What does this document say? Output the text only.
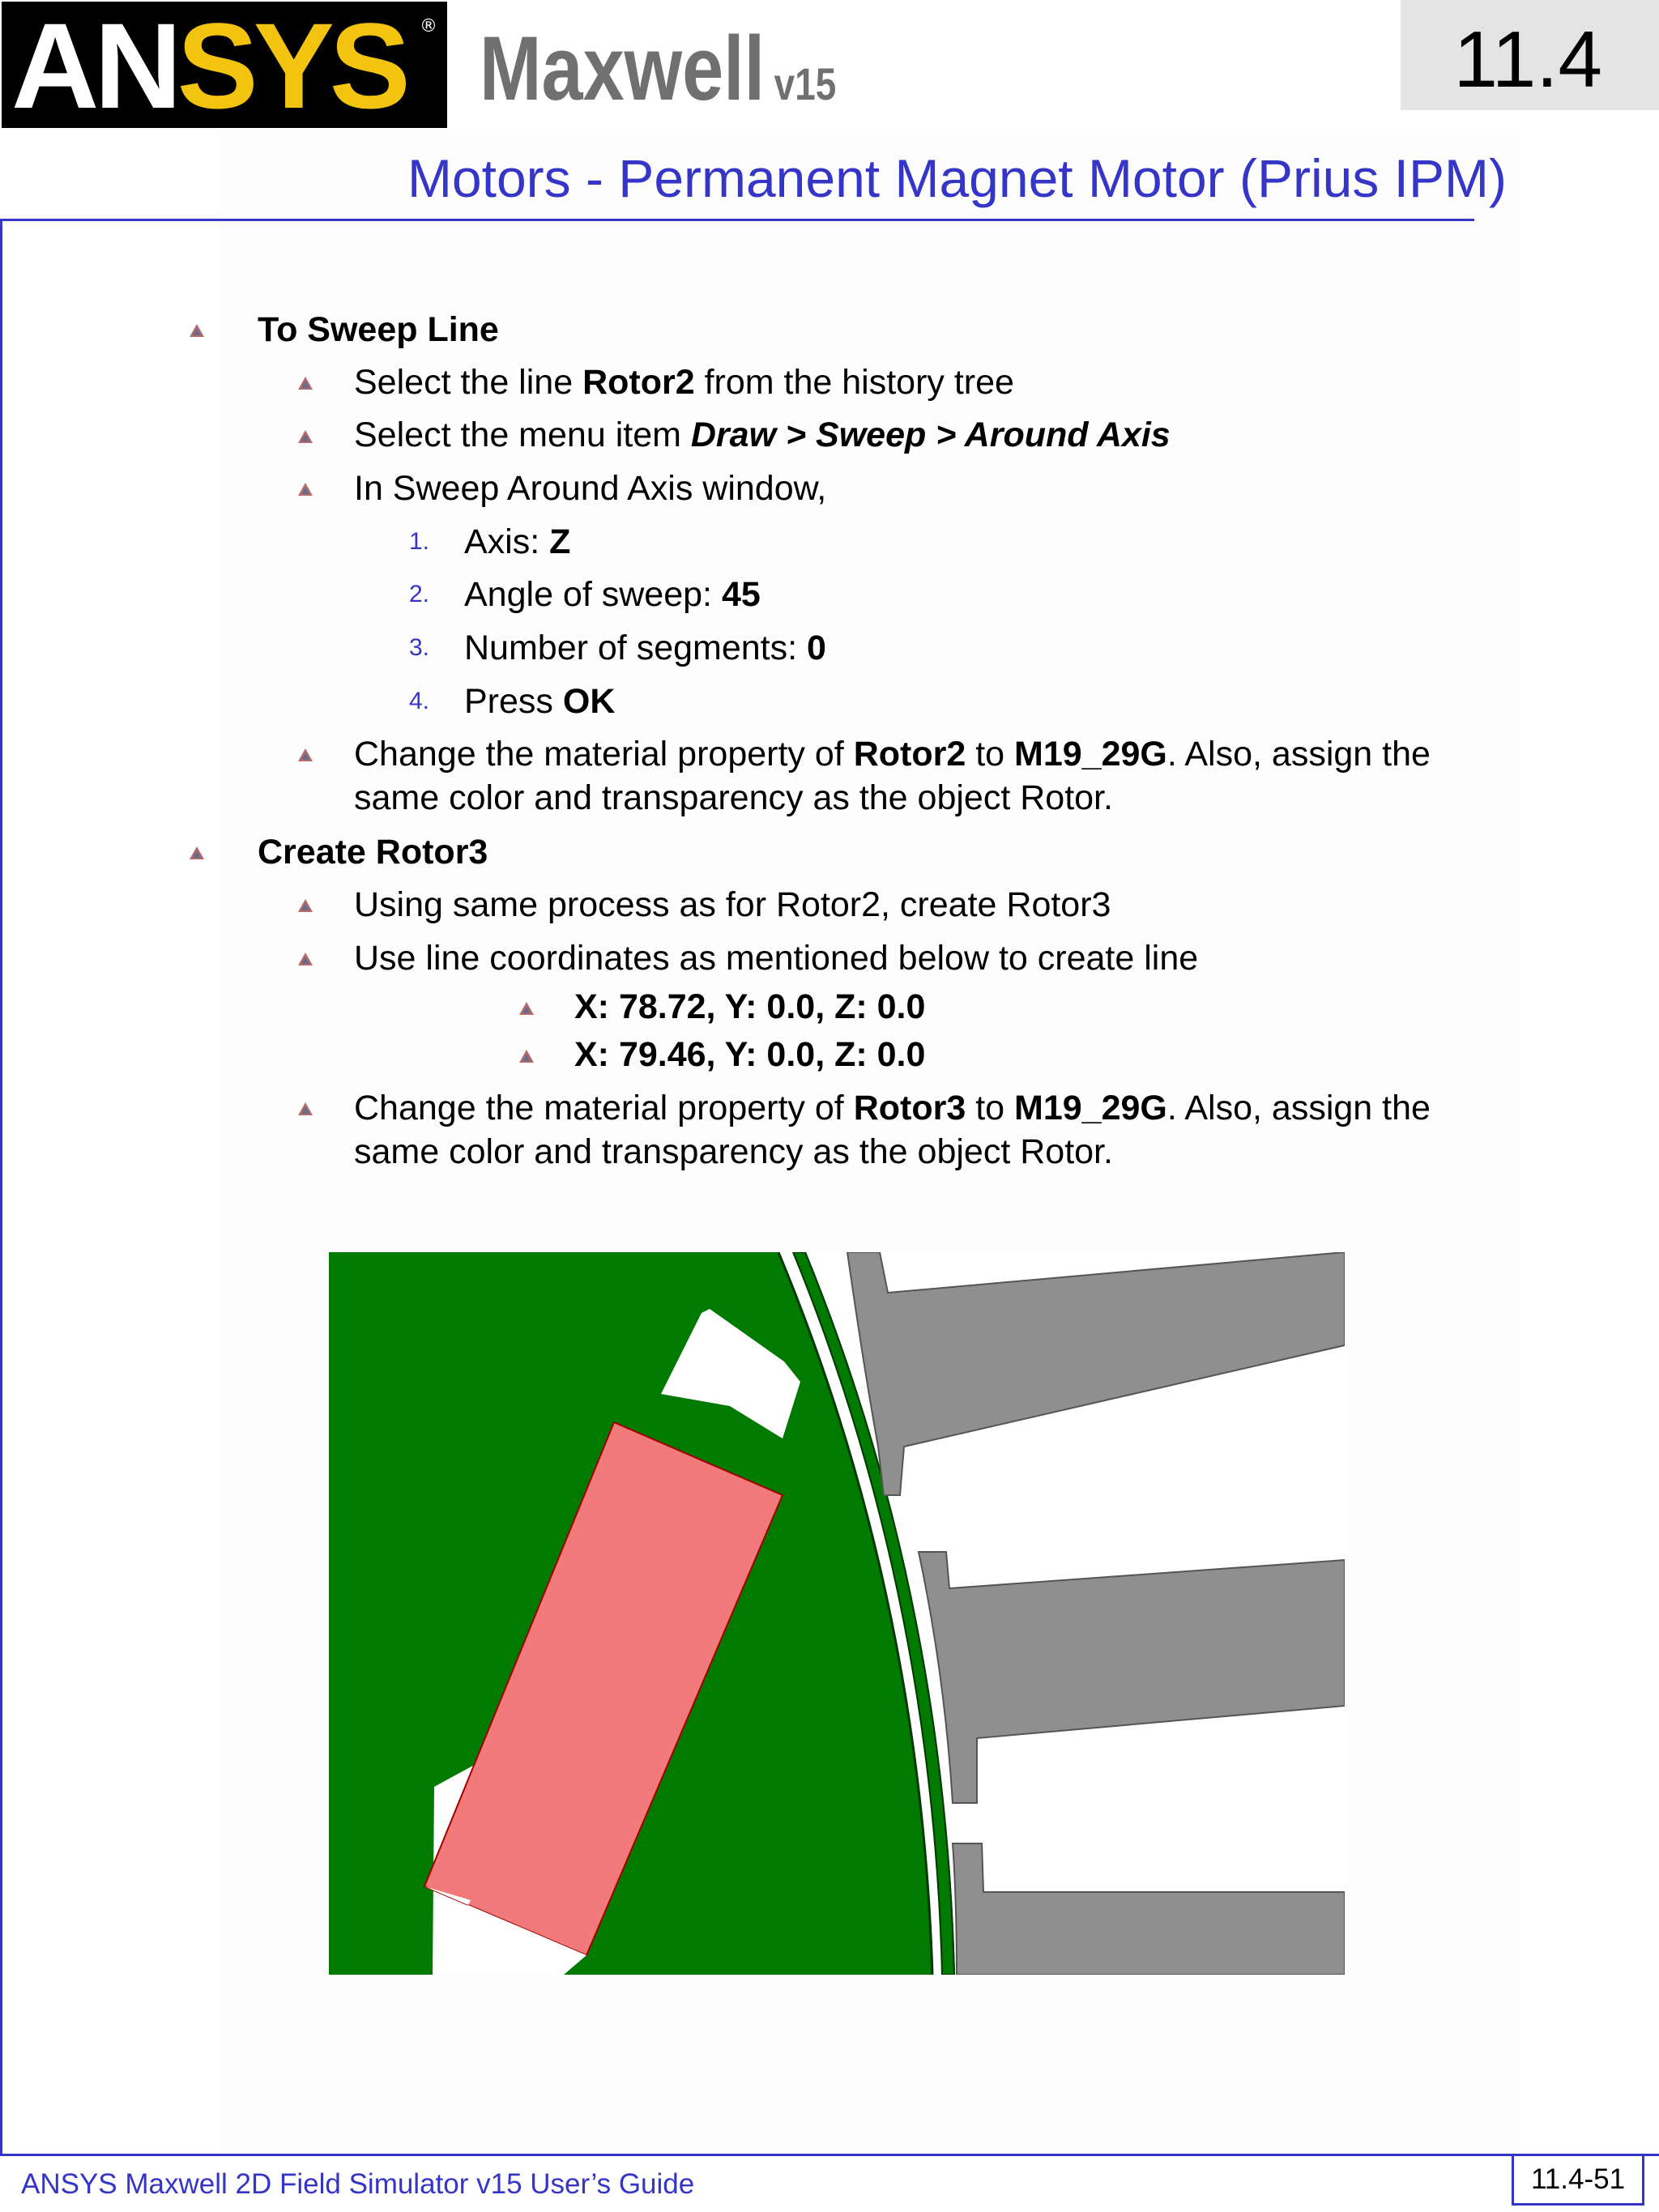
ANSYS ® Maxwell v15	11.4
Motors - Permanent Magnet Motor (Prius IPM)
To Sweep Line
Select the line Rotor2 from the history tree
Select the menu item Draw > Sweep > Around Axis
In Sweep Around Axis window,
1. Axis: Z
2. Angle of sweep: 45
3. Number of segments: 0
4. Press OK
Change the material property of Rotor2 to M19_29G. Also, assign the
same color and transparency as the object Rotor.
Create Rotor3
Using same process as for Rotor2, create Rotor3
Use line coordinates as mentioned below to create line
X: 78.72, Y: 0.0, Z: 0.0
X: 79.46, Y: 0.0, Z: 0.0
Change the material property of Rotor3 to M19_29G. Also, assign the
same color and transparency as the object Rotor.
ANSYS Maxwell 2D Field Simulator v15 User’s Guide	11.4-51
